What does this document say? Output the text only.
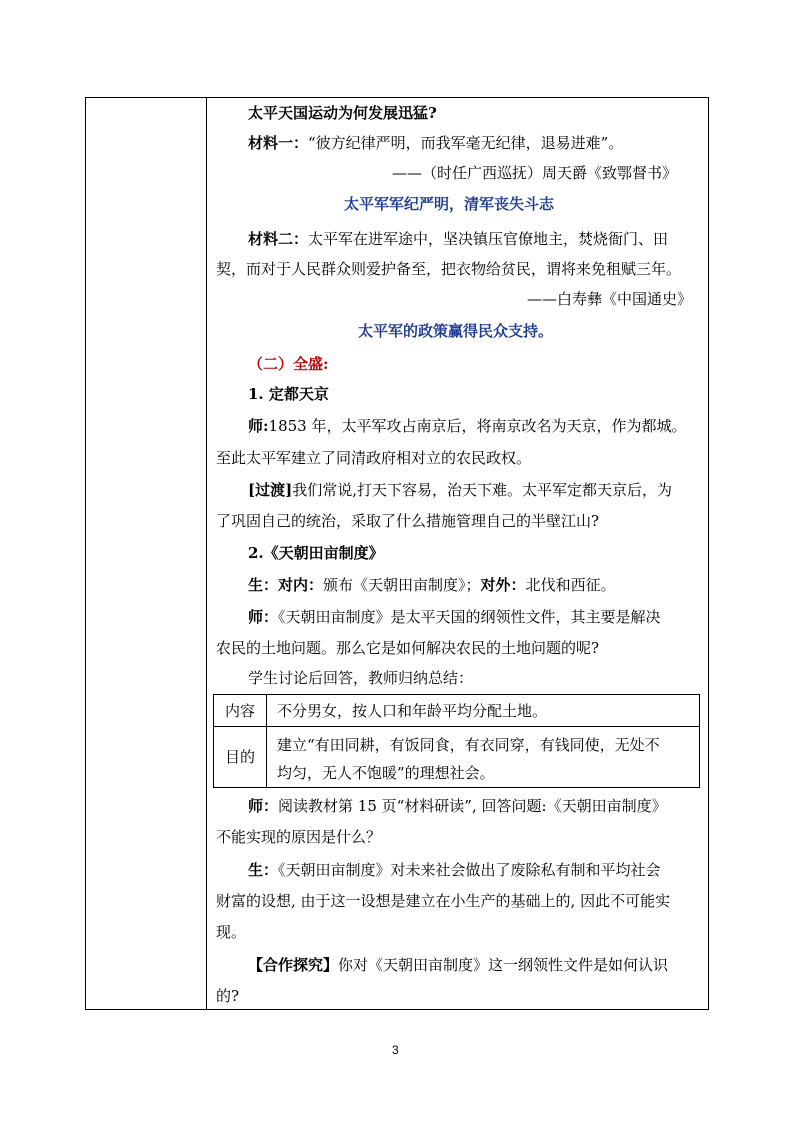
太平天国运动为何发展迅猛?
材料一：“彼方纪律严明，而我军毫无纪律，退易进难”。
——（时任广西巡抚）周天爵《致鄂督书》
太平军军纪严明，清军丧失斗志
材料二：太平军在进军途中，坚决镇压官僚地主，焚烧衙门、田
契，而对于人民群众则爱护备至，把衣物给贫民，谓将来免租赋三年。
——白寿彝《中国通史》
太平军的政策赢得民众支持。
（二）全盛:
1. 定都天京
师:1853 年，太平军攻占南京后，将南京改名为天京，作为都城。
至此太平军建立了同清政府相对立的农民政权。
[过渡]我们常说,打天下容易，治天下难。太平军定都天京后，为
了巩固自己的统治，采取了什么措施管理自己的半壁江山?
2.《天朝田亩制度》
生：对内：颁布《天朝田亩制度》；对外：北伐和西征。
师：《天朝田亩制度》是太平天国的纲领性文件，其主要是解决
农民的土地问题。那么它是如何解决农民的土地问题的呢?
学生讨论后回答，教师归纳总结：
内容 不分男女，按人口和年龄平均分配土地。
目的
建立“有田同耕，有饭同食，有衣同穿，有钱同使，无处不
均匀，无人不饱暖”的理想社会。
师：阅读教材第 15 页“材料研读”, 回答问题:《天朝田亩制度》
不能实现的原因是什么？
生：《天朝田亩制度》对未来社会做出了废除私有制和平均社会
财富的设想, 由于这一设想是建立在小生产的基础上的, 因此不可能实
现。
【合作探究】你对《天朝田亩制度》这一纲领性文件是如何认识
的?
3
